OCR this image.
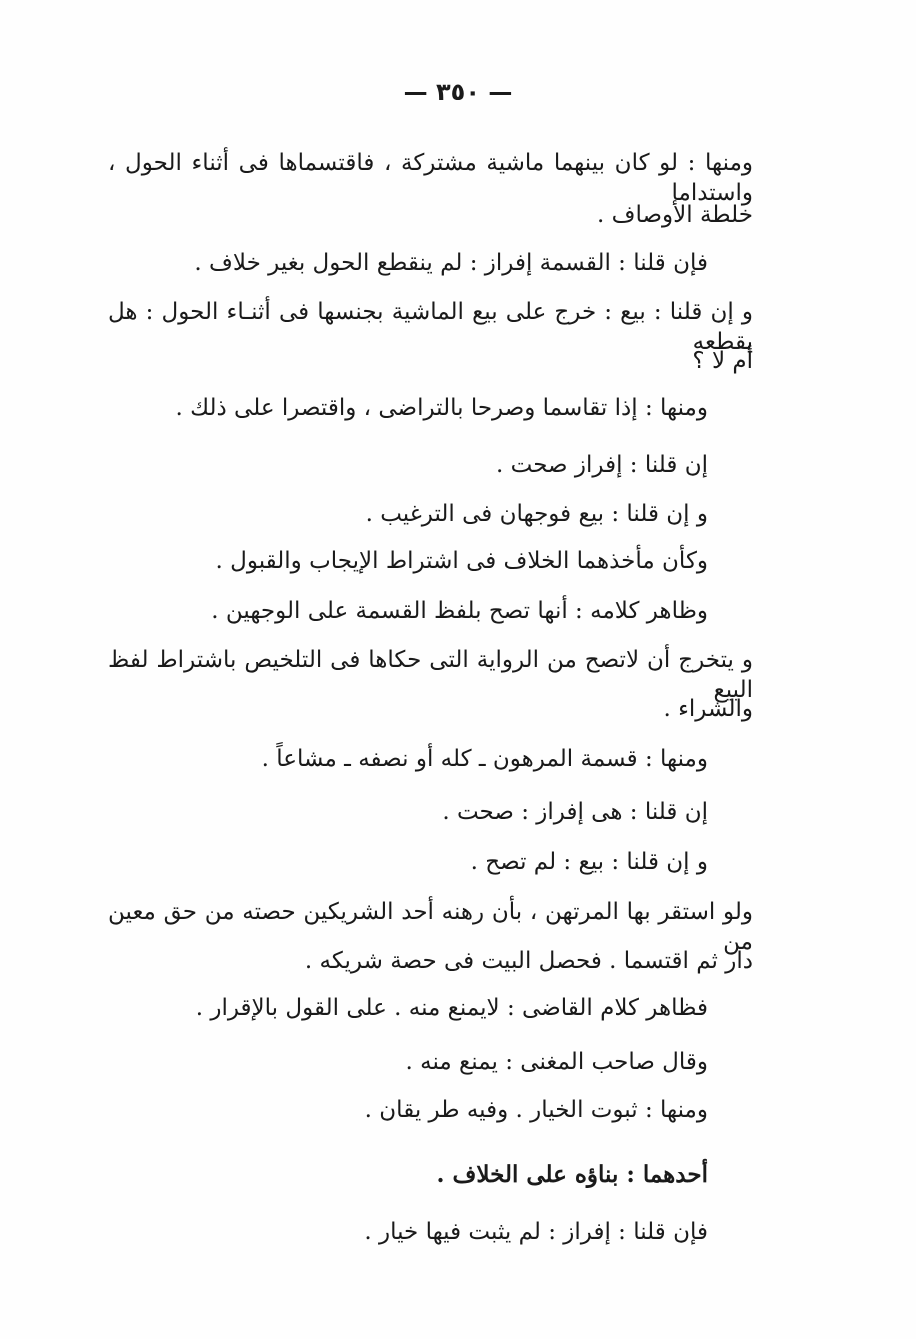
— ٣٥٠ —
ومنها : لو كان بينهما ماشية مشتركة ، فاقتسماها فى أثناء الحول ، واستداما
خلطة الأوصاف .
فإن قلنا : القسمة إفراز : لم ينقطع الحول بغير خلاف .
و إن قلنا : بيع : خرج على بيع الماشية بجنسها فى أثنـاء الحول : هل يقطعه
أم لا ؟
ومنها : إذا تقاسما وصرحا بالتراضى ، واقتصرا على ذلك .
إن قلنا : إفراز صحت .
و إن قلنا : بيع فوجهان فى الترغيب .
وكأن مأخذهما الخلاف فى اشتراط الإيجاب والقبول .
وظاهر كلامه : أنها تصح بلفظ القسمة على الوجهين .
و يتخرج أن لاتصح من الرواية التى حكاها فى التلخيص باشتراط لفظ البيع
والشراء .
ومنها : قسمة المرهون ـ كله أو نصفه ـ مشاعاً .
إن قلنا : هى إفراز : صحت .
و إن قلنا : بيع : لم تصح .
ولو استقر بها المرتهن ، بأن رهنه أحد الشريكين حصته من حق معين من
دار ثم اقتسما . فحصل البيت فى حصة شريكه .
فظاهر كلام القاضى : لايمنع منه . على القول بالإقرار .
وقال صاحب المغنى : يمنع منه .
ومنها : ثبوت الخيار . وفيه طر يقان .
أحدهما : بناؤه على الخلاف .
فإن قلنا : إفراز : لم يثبت فيها خيار .
